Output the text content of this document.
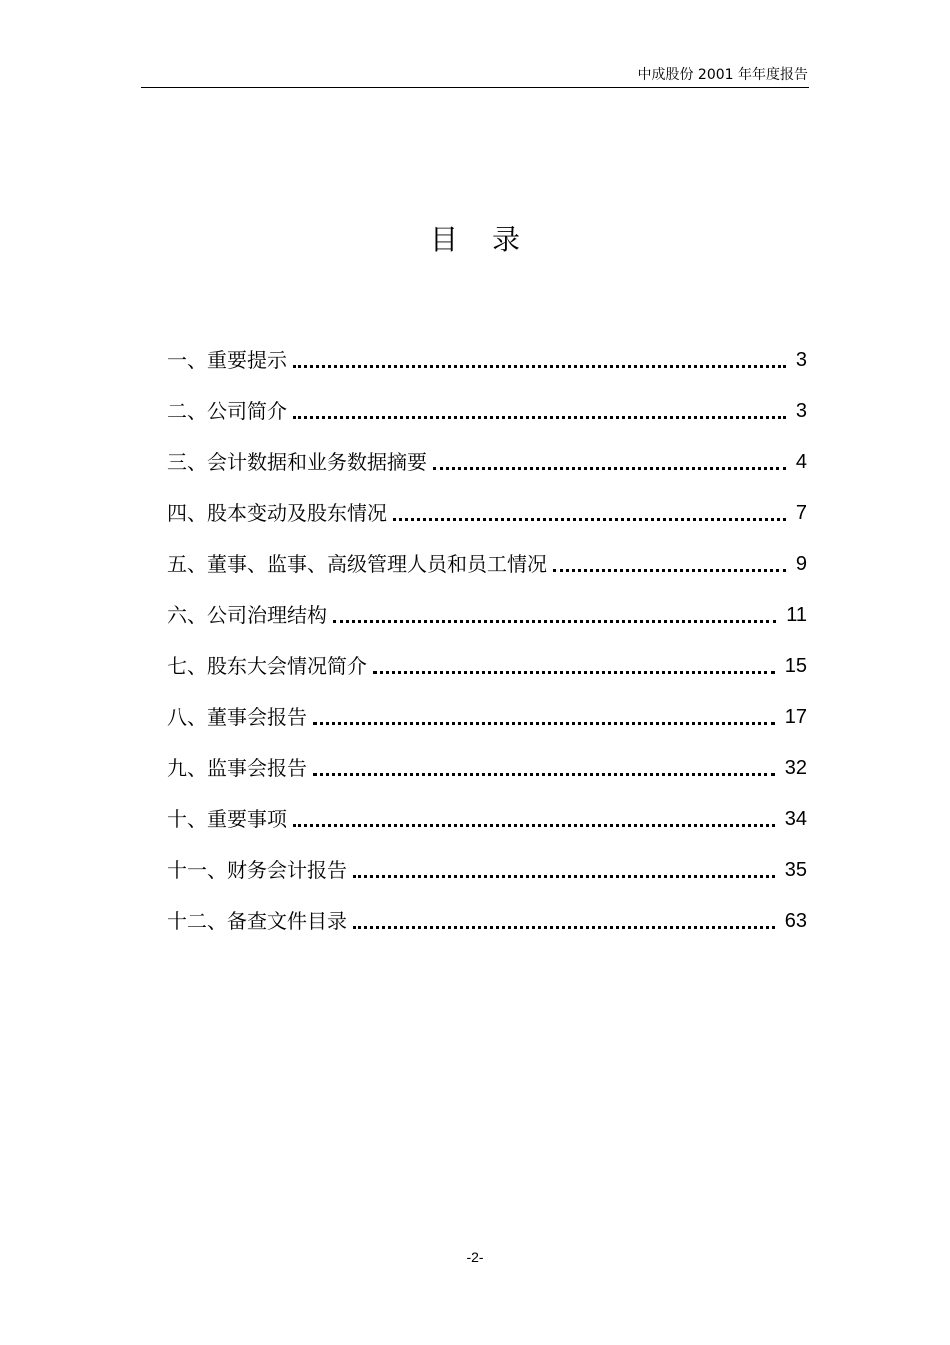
中成股份 2001 年年度报告
目录
一、重要提示	3
二、公司简介	3
三、会计数据和业务数据摘要	4
四、股本变动及股东情况	7
五、董事、监事、高级管理人员和员工情况	9
六、公司治理结构	11
七、股东大会情况简介	15
八、董事会报告	17
九、监事会报告	32
十、重要事项	34
十一、财务会计报告	35
十二、备查文件目录	63
-2-
